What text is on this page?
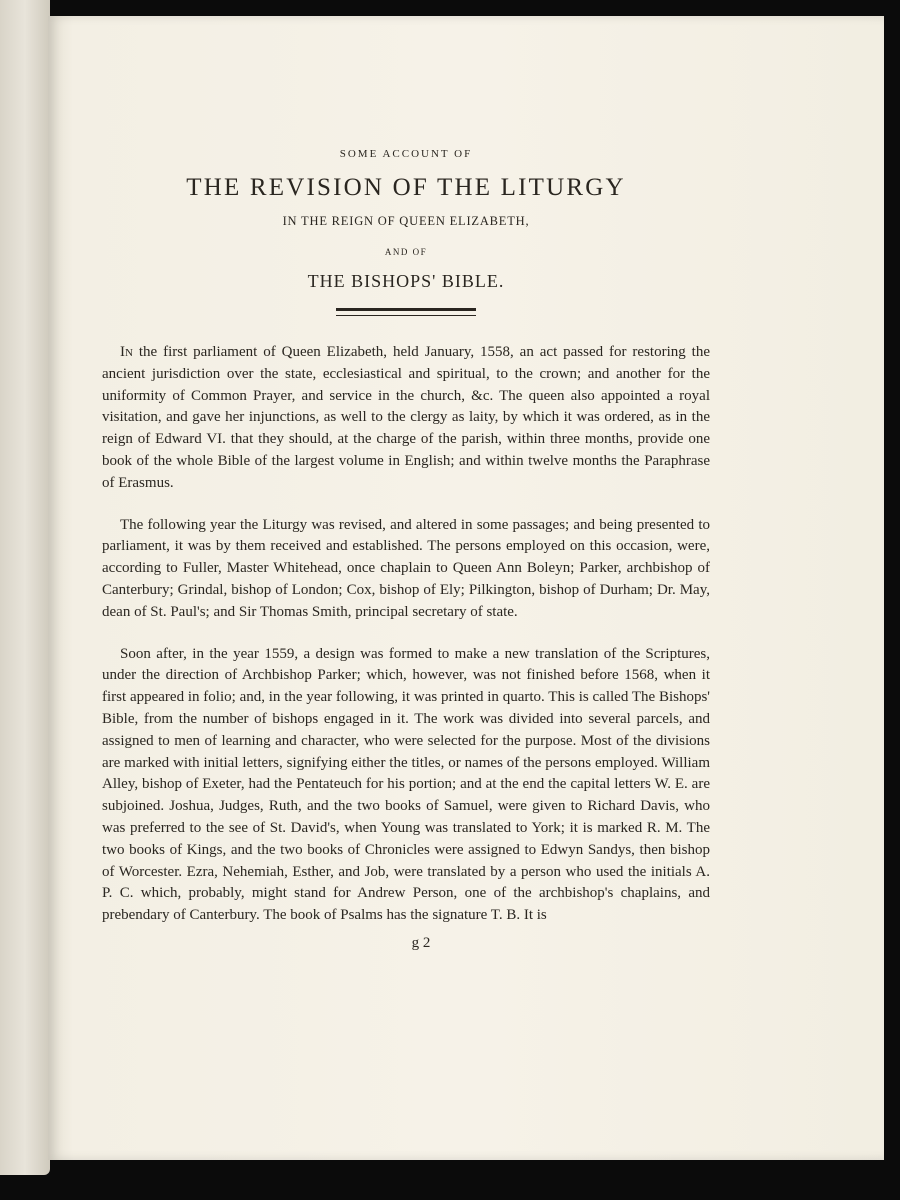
SOME ACCOUNT OF
THE REVISION OF THE LITURGY
IN THE REIGN OF QUEEN ELIZABETH,
AND OF
THE BISHOPS' BIBLE.

In the first parliament of Queen Elizabeth, held January, 1558, an act passed for restoring the ancient jurisdiction over the state, ecclesiastical and spiritual, to the crown; and another for the uniformity of Common Prayer, and service in the church, &c. The queen also appointed a royal visitation, and gave her injunctions, as well to the clergy as laity, by which it was ordered, as in the reign of Edward VI. that they should, at the charge of the parish, within three months, provide one book of the whole Bible of the largest volume in English; and within twelve months the Paraphrase of Erasmus.

The following year the Liturgy was revised, and altered in some passages; and being presented to parliament, it was by them received and established. The persons employed on this occasion, were, according to Fuller, Master Whitehead, once chaplain to Queen Ann Boleyn; Parker, archbishop of Canterbury; Grindal, bishop of London; Cox, bishop of Ely; Pilkington, bishop of Durham; Dr. May, dean of St. Paul's; and Sir Thomas Smith, principal secretary of state.

Soon after, in the year 1559, a design was formed to make a new translation of the Scriptures, under the direction of Archbishop Parker; which, however, was not finished before 1568, when it first appeared in folio; and, in the year following, it was printed in quarto. This is called The Bishops' Bible, from the number of bishops engaged in it. The work was divided into several parcels, and assigned to men of learning and character, who were selected for the purpose. Most of the divisions are marked with initial letters, signifying either the titles, or names of the persons employed. William Alley, bishop of Exeter, had the Pentateuch for his portion; and at the end the capital letters W. E. are subjoined. Joshua, Judges, Ruth, and the two books of Samuel, were given to Richard Davis, who was preferred to the see of St. David's, when Young was translated to York; it is marked R. M. The two books of Kings, and the two books of Chronicles were assigned to Edwyn Sandys, then bishop of Worcester. Ezra, Nehemiah, Esther, and Job, were translated by a person who used the initials A. P. C. which, probably, might stand for Andrew Person, one of the archbishop's chaplains, and prebendary of Canterbury. The book of Psalms has the signature T. B. It is

g 2
